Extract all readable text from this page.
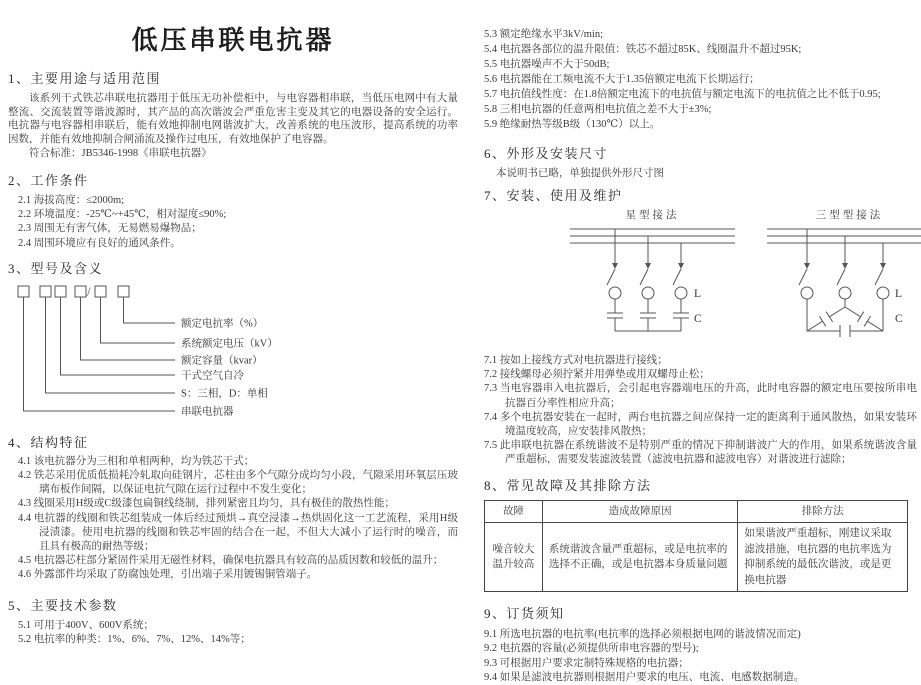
低压串联电抗器
1、主要用途与适用范围

该系列干式铁芯串联电抗器用于低压无功补偿柜中，与电容器相串联，当低压电网中有大量整流、交流装置等谐波源时，其产品的高次谐波会严重危害主变及其它的电器设备的安全运行。电抗器与电容器相串联后，能有效地抑制电网谐波扩大，改善系统的电压波形，提高系统的功率因数，并能有效地抑制合闸涌流及操作过电压，有效地保护了电容器。

符合标准：JB5346-1998《串联电抗器》

2、工作条件

2.1 海拔高度：≤2000m;

2.2 环境温度：-25℃~+45℃，相对湿度≤90%;

2.3 周围无有害气体，无易燃易爆物品；

2.4 周围环境应有良好的通风条件。

3、型号及含义
/
额定电抗率（%）
系统额定电压（kV）
额定容量（kvar）
干式空气自冷
S：三相，D：单相
串联电抗器
4、结构特征

4.1 该电抗器分为三相和单相两种，均为铁芯干式；

4.2 铁芯采用优质低损耗冷轧取向硅钢片，芯柱由多个气隙分成均匀小段，气隙采用环氧层压玻璃布板作间隔，以保证电抗气隙在运行过程中不发生变化；

4.3 线圈采用H级或C级漆包扁铜线绕制，排列紧密且均匀，具有极佳的散热性能；

4.4 电抗器的线圈和铁芯组装成一体后经过预烘→真空浸漆→热烘固化这一工艺流程，采用H级浸渍漆。使用电抗器的线圈和铁芯牢固的结合在一起，不但大大减小了运行时的噪音，而且具有极高的耐热等级；

4.5 电抗器芯柱部分紧固件采用无磁性材料，确保电抗器具有较高的品质因数和较低的温升；

4.6 外露部件均采取了防腐蚀处理，引出端子采用镀锡铜管端子。

5、主要技术参数

5.1 可用于400V、600V系统；

5.2 电抗率的种类：1%、6%、7%、12%、14%等；

5.3 额定绝缘水平3kV/min;

5.4 电抗器各部位的温升限值：铁芯不超过85K、线圈温升不超过95K;

5.5 电抗器噪声不大于50dB;

5.6 电抗器能在工频电流不大于1.35倍额定电流下长期运行；

5.7 电抗值线性度：在1.8倍额定电流下的电抗值与额定电流下的电抗值之比不低于0.95;

5.8 三相电抗器的任意两相电抗值之差不大于±3%;

5.9 绝缘耐热等级B级（130℃）以上。

6、外形及安装尺寸

本说明书已略，单独提供外形尺寸图

7、安装、使用及维护
星型接法
L
C
三型型接法
L
C

7.1 按如上接线方式对电抗器进行接线；

7.2 接线螺母必须拧紧并用弹垫或用双螺母止松；

7.3 当电容器串入电抗器后，会引起电容器端电压的升高，此时电容器的额定电压要按所串电抗器百分率性相应升高；

7.4 多个电抗器安装在一起时，两台电抗器之间应保持一定的距离利于通风散热，如果安装环境温度较高，应安装排风散热；

7.5 此串联电抗器在系统谐波不是特别严重的情况下抑制谐波广大的作用，如果系统谐波含量严重超标，需要发装滤波装置（滤波电抗器和滤波电容）对谐波进行滤除；

8、常见故障及其排除方法
故障	造成故障原因	排除方法
噪音较大温升较高	系统谐波含量严重超标，或是电抗率的选择不正确，或是电抗器本身质量问题	如果谐波严重超标，刚建议采取滤波措施，电抗器的电抗率选为抑制系统的最低次谐波，或是更换电抗器
9、订货须知

9.1 所选电抗器的电抗率(电抗率的选择必须根据电网的谐波情况而定)

9.2 电抗器的容量(必须提供所串电容器的型号);

9.3 可根据用户要求定制特殊规格的电抗器；

9.4 如果是滤波电抗器则根据用户要求的电压、电流、电感数据制造。
